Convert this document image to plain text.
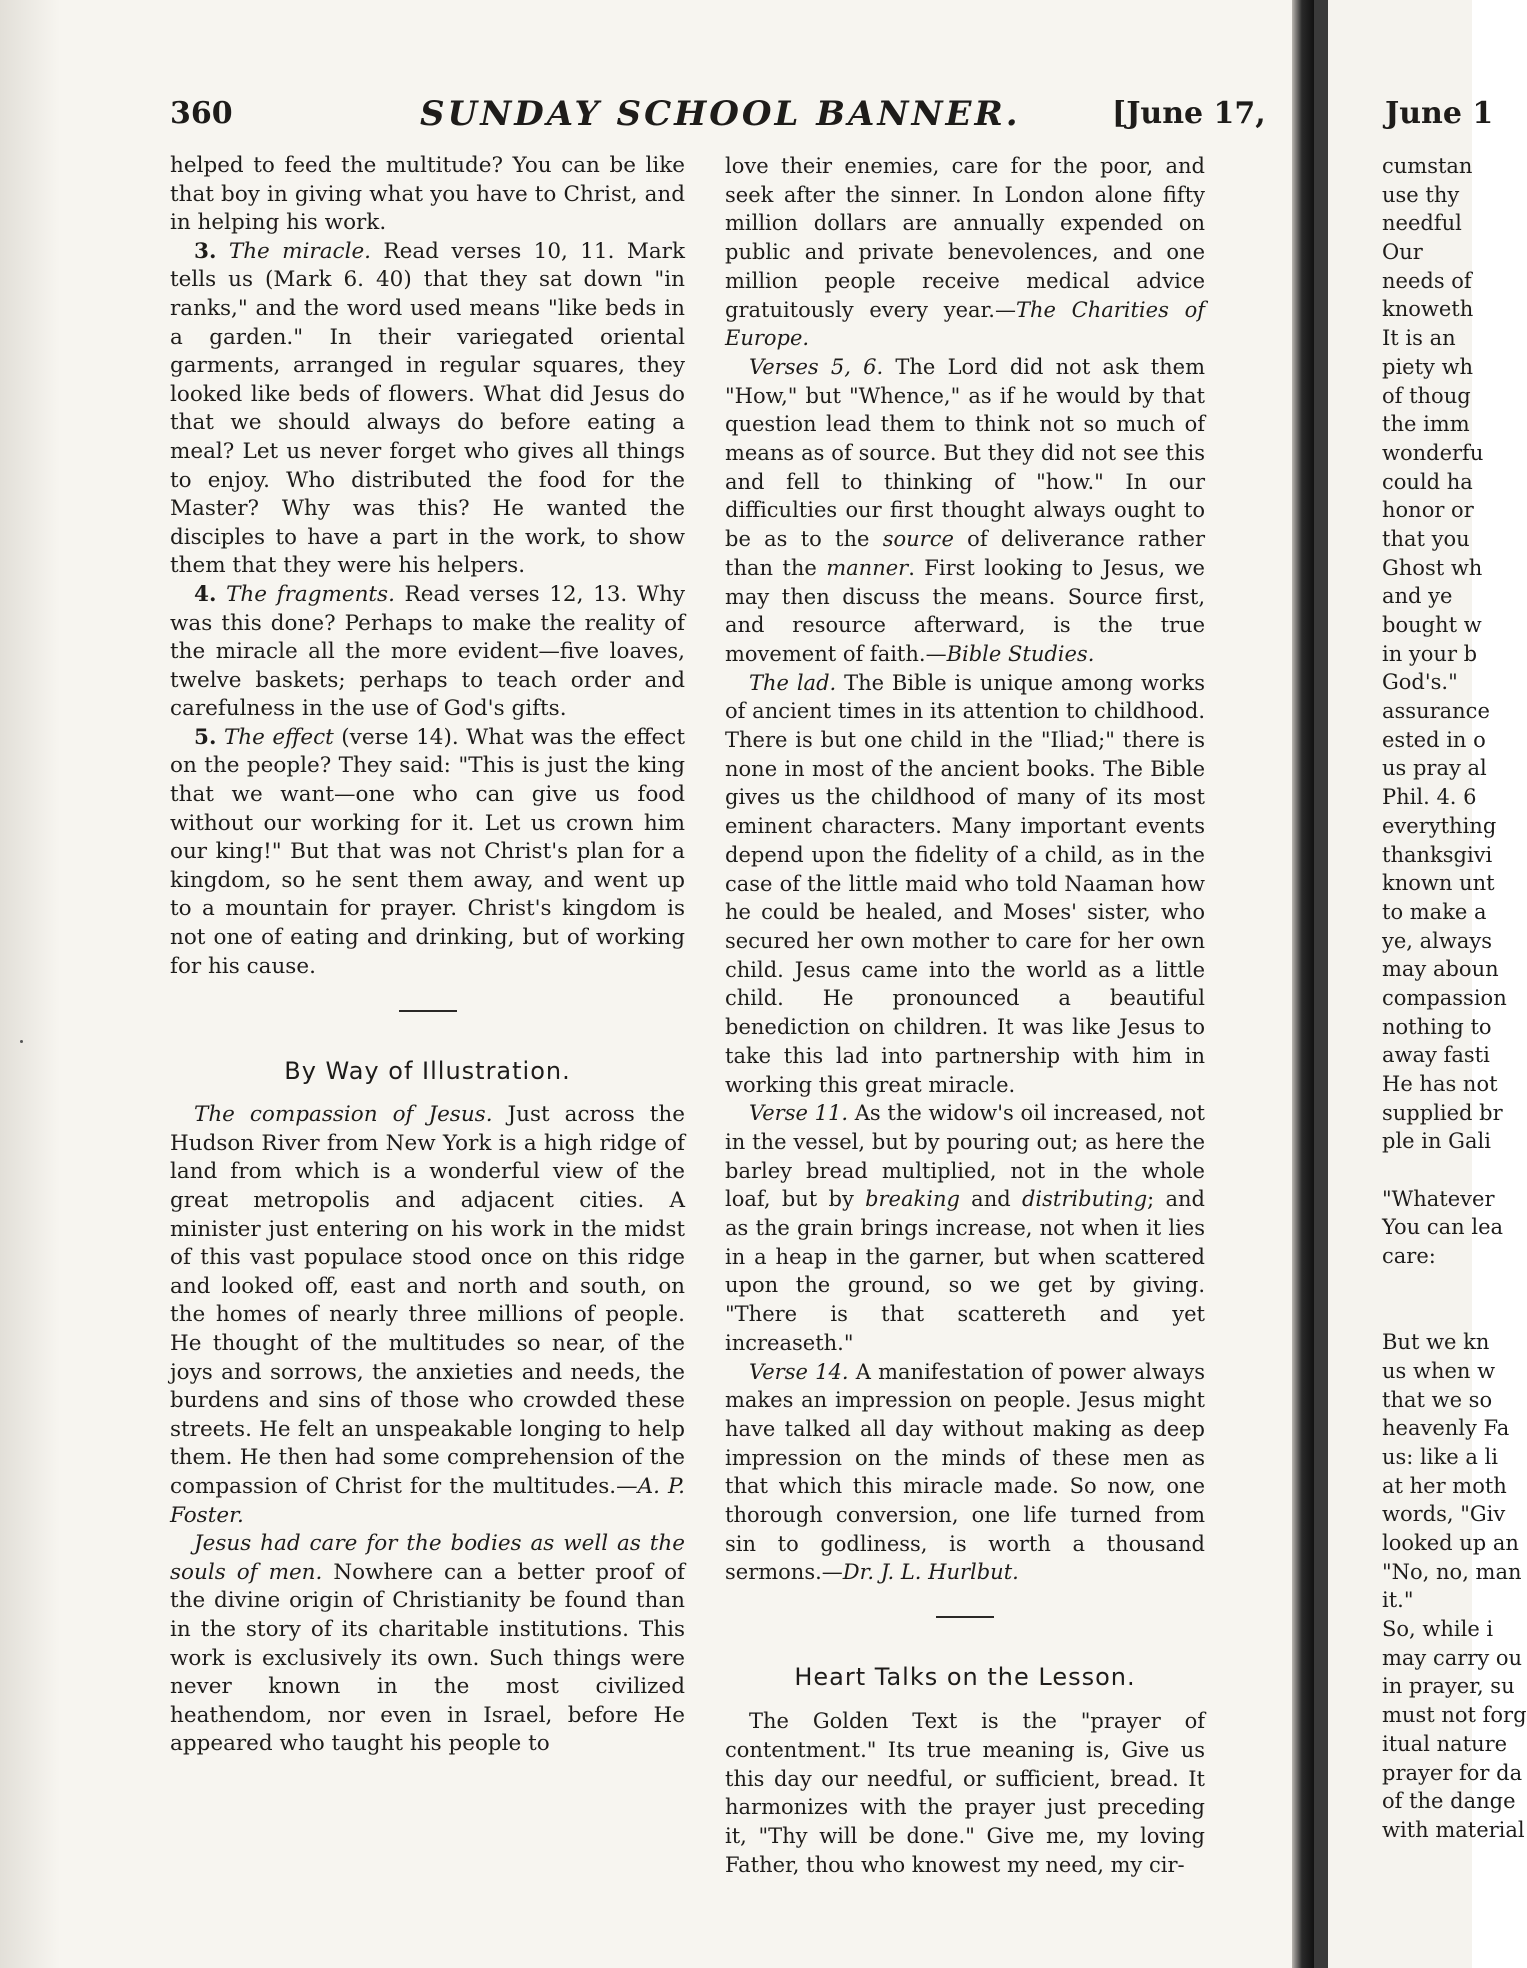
360	SUNDAY SCHOOL BANNER.	[June 17,	June 1

helped to feed the multitude? You can be like that boy in giving what you have to Christ, and in helping his work.

3. The miracle. Read verses 10, 11. Mark tells us (Mark 6. 40) that they sat down "in ranks," and the word used means "like beds in a garden." In their variegated oriental garments, arranged in regular squares, they looked like beds of flowers. What did Jesus do that we should always do before eating a meal? Let us never forget who gives all things to enjoy. Who distributed the food for the Master? Why was this? He wanted the disciples to have a part in the work, to show them that they were his helpers.

4. The fragments. Read verses 12, 13. Why was this done? Perhaps to make the reality of the miracle all the more evident—five loaves, twelve baskets; perhaps to teach order and carefulness in the use of God's gifts.

5. The effect (verse 14). What was the effect on the people? They said: "This is just the king that we want—one who can give us food without our working for it. Let us crown him our king!" But that was not Christ's plan for a kingdom, so he sent them away, and went up to a mountain for prayer. Christ's kingdom is not one of eating and drinking, but of working for his cause.

By Way of Illustration.

The compassion of Jesus. Just across the Hudson River from New York is a high ridge of land from which is a wonderful view of the great metropolis and adjacent cities. A minister just entering on his work in the midst of this vast populace stood once on this ridge and looked off, east and north and south, on the homes of nearly three millions of people. He thought of the multitudes so near, of the joys and sorrows, the anxieties and needs, the burdens and sins of those who crowded these streets. He felt an unspeakable longing to help them. He then had some comprehension of the compassion of Christ for the multitudes.—A. P. Foster.

Jesus had care for the bodies as well as the souls of men. Nowhere can a better proof of the divine origin of Christianity be found than in the story of its charitable institutions. This work is exclusively its own. Such things were never known in the most civilized heathendom, nor even in Israel, before He appeared who taught his people to

love their enemies, care for the poor, and seek after the sinner. In London alone fifty million dollars are annually expended on public and private benevolences, and one million people receive medical advice gratuitously every year.—The Charities of Europe.

Verses 5, 6. The Lord did not ask them "How," but "Whence," as if he would by that question lead them to think not so much of means as of source. But they did not see this and fell to thinking of "how." In our difficulties our first thought always ought to be as to the source of deliverance rather than the manner. First looking to Jesus, we may then discuss the means. Source first, and resource afterward, is the true movement of faith.—Bible Studies.

The lad. The Bible is unique among works of ancient times in its attention to childhood. There is but one child in the "Iliad;" there is none in most of the ancient books. The Bible gives us the childhood of many of its most eminent characters. Many important events depend upon the fidelity of a child, as in the case of the little maid who told Naaman how he could be healed, and Moses' sister, who secured her own mother to care for her own child. Jesus came into the world as a little child. He pronounced a beautiful benediction on children. It was like Jesus to take this lad into partnership with him in working this great miracle.

Verse 11. As the widow's oil increased, not in the vessel, but by pouring out; as here the barley bread multiplied, not in the whole loaf, but by breaking and distributing; and as the grain brings increase, not when it lies in a heap in the garner, but when scattered upon the ground, so we get by giving. "There is that scattereth and yet increaseth."

Verse 14. A manifestation of power always makes an impression on people. Jesus might have talked all day without making as deep impression on the minds of these men as that which this miracle made. So now, one thorough conversion, one life turned from sin to godliness, is worth a thousand sermons.—Dr. J. L. Hurlbut.

Heart Talks on the Lesson.

The Golden Text is the "prayer of contentment." Its true meaning is, Give us this day our needful, or sufficient, bread. It harmonizes with the prayer just preceding it, "Thy will be done." Give me, my loving Father, thou who knowest my need, my cir-

cumstan
use thy
needful
Our
needs of
knoweth
It is an
piety wh
of thoug
the imm
wonderfu
could ha
honor or
that you
Ghost wh
and ye
bought w
in your b
God's."
assurance
ested in o
us pray al
Phil. 4. 6
everything
thanksgivi
known unt
to make a
ye, always
may aboun
compassion
nothing to
away fasti
He has not
supplied br
ple in Gali
"Whatever
You can lea
care:
But we kn
us when w
that we so
heavenly Fa
us: like a li
at her moth
words, "Giv
looked up an
"No, no, man
it."
So, while i
may carry ou
in prayer, su
must not forg
itual nature
prayer for da
of the dange
with material
